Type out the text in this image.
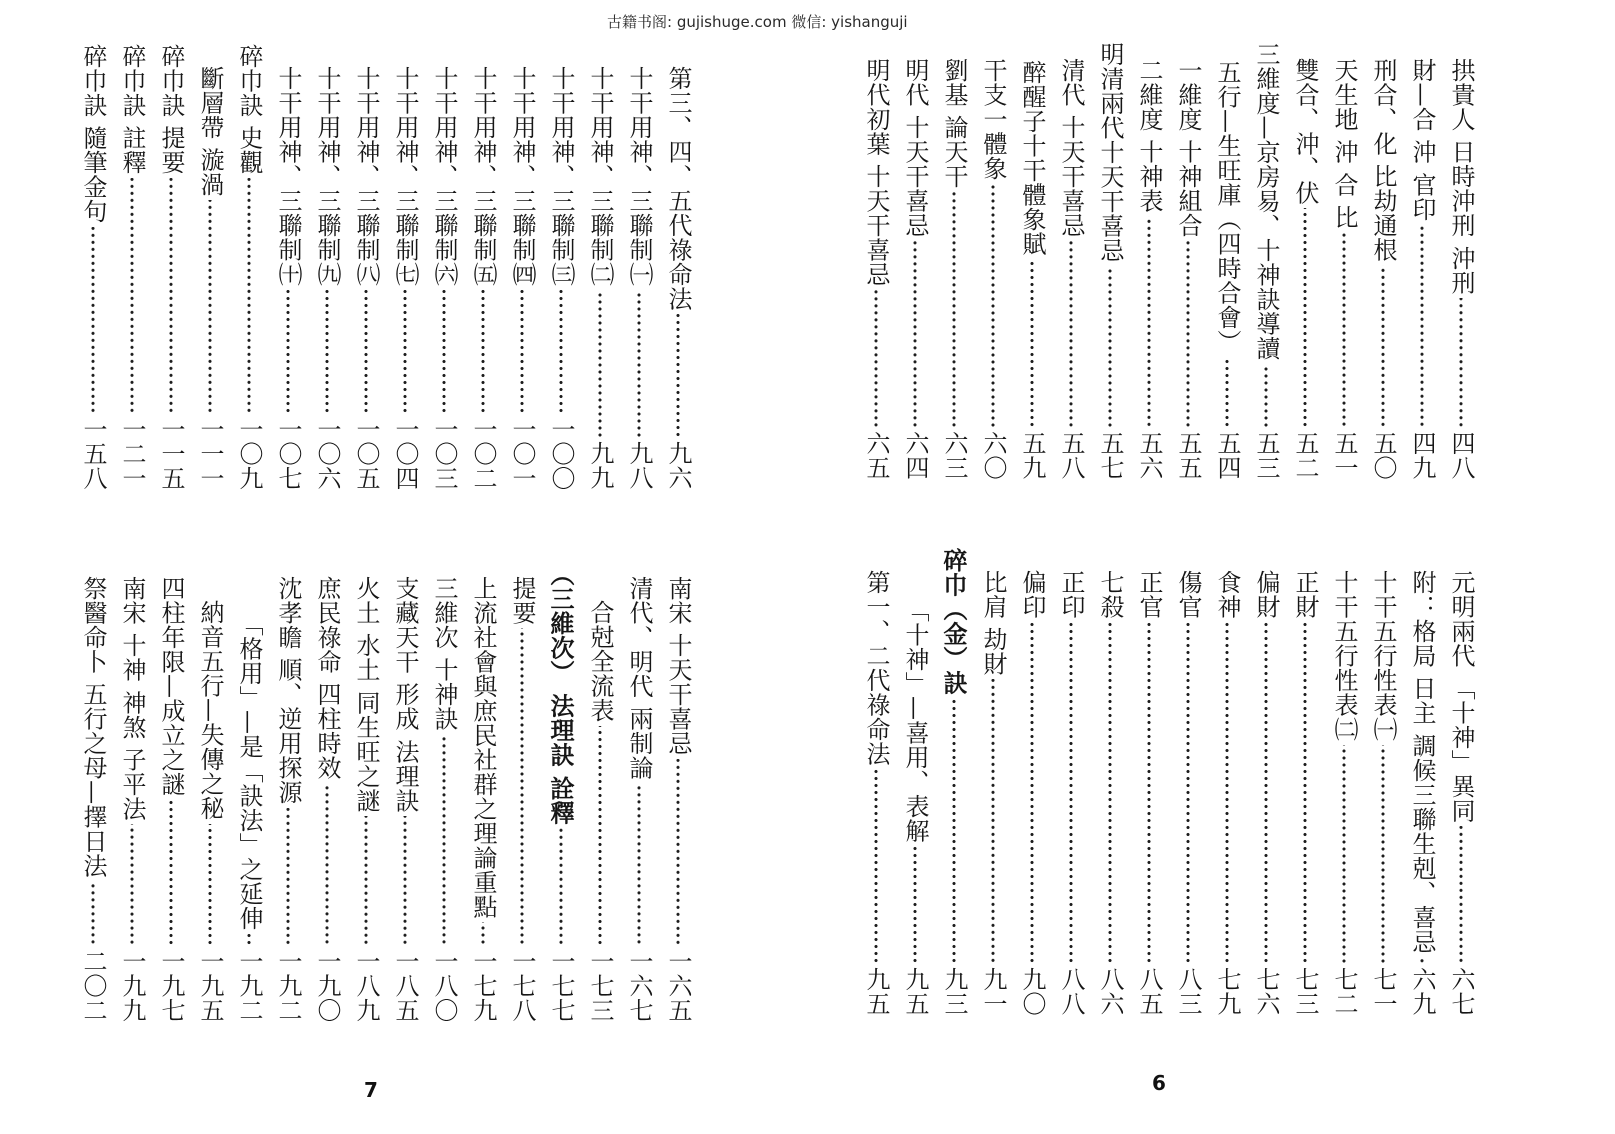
古籍书阁: gujishuge.com 微信: yishanguji
拱貴人 日時沖刑 沖刑
四八
財—合 沖 官印
四九
刑合、化 比劫通根
五〇
天生地 沖 合 比
五一
雙合、沖、伏
五二
三維度—京房易、十神訣導讀
五三
五行—生旺庫（四時合會）
五四
一維度 十神組合
五五
二維度 十神表
五六
明清兩代十天干喜忌
五七
清代 十天干喜忌
五八
醉醒子十干體象賦
五九
干支一體象
六〇
劉基 論天干
六三
明代 十天干喜忌
六四
明代初葉 十天干喜忌
六五
元明兩代 「十神」異同
六七
附：格局 日主 調候三聯生剋、喜忌
六九
十干五行性表㈠
七一
十干五行性表㈡
七二
正財
七三
偏財
七六
食神
七九
傷官
八三
正官
八五
七殺
八六
正印
八八
偏印
九〇
比肩 劫財
九一
碎巾（金）訣
九三
「十神」—喜用、表解
九五
第一、二代祿命法
九五
6
第三、四、五代祿命法
九六
十干用神、三聯制㈠
九八
十干用神、三聯制㈡
九九
十干用神、三聯制㈢
一〇〇
十干用神、三聯制㈣
一〇一
十干用神、三聯制㈤
一〇二
十干用神、三聯制㈥
一〇三
十干用神、三聯制㈦
一〇四
十干用神、三聯制㈧
一〇五
十干用神、三聯制㈨
一〇六
十干用神、三聯制㈩
一〇七
碎巾訣 史觀
一〇九
斷層帶 漩渦
一一一
碎巾訣 提要
一一五
碎巾訣 註釋
一二一
碎巾訣 隨筆金句
一五八
南宋 十天干喜忌
一六五
清代、明代 兩制論
一六七
合尅全流表
一七三
（三維次） 法理訣 詮釋
一七七
提要
一七八
上流社會與庶民社群之理論重點
一七九
三維次 十神訣
一八〇
支藏天干 形成 法理訣
一八五
火土 水土 同生旺之謎
一八九
庶民祿命 四柱時效
一九〇
沈孝瞻 順、逆用探源
一九二
「格用」—是「訣法」之延伸
一九二
納音五行—失傳之秘
一九五
四柱年限—成立之謎
一九七
南宋 十神 神煞 子平法
一九九
祭醫命卜 五行之母—擇日法
二〇二
7
